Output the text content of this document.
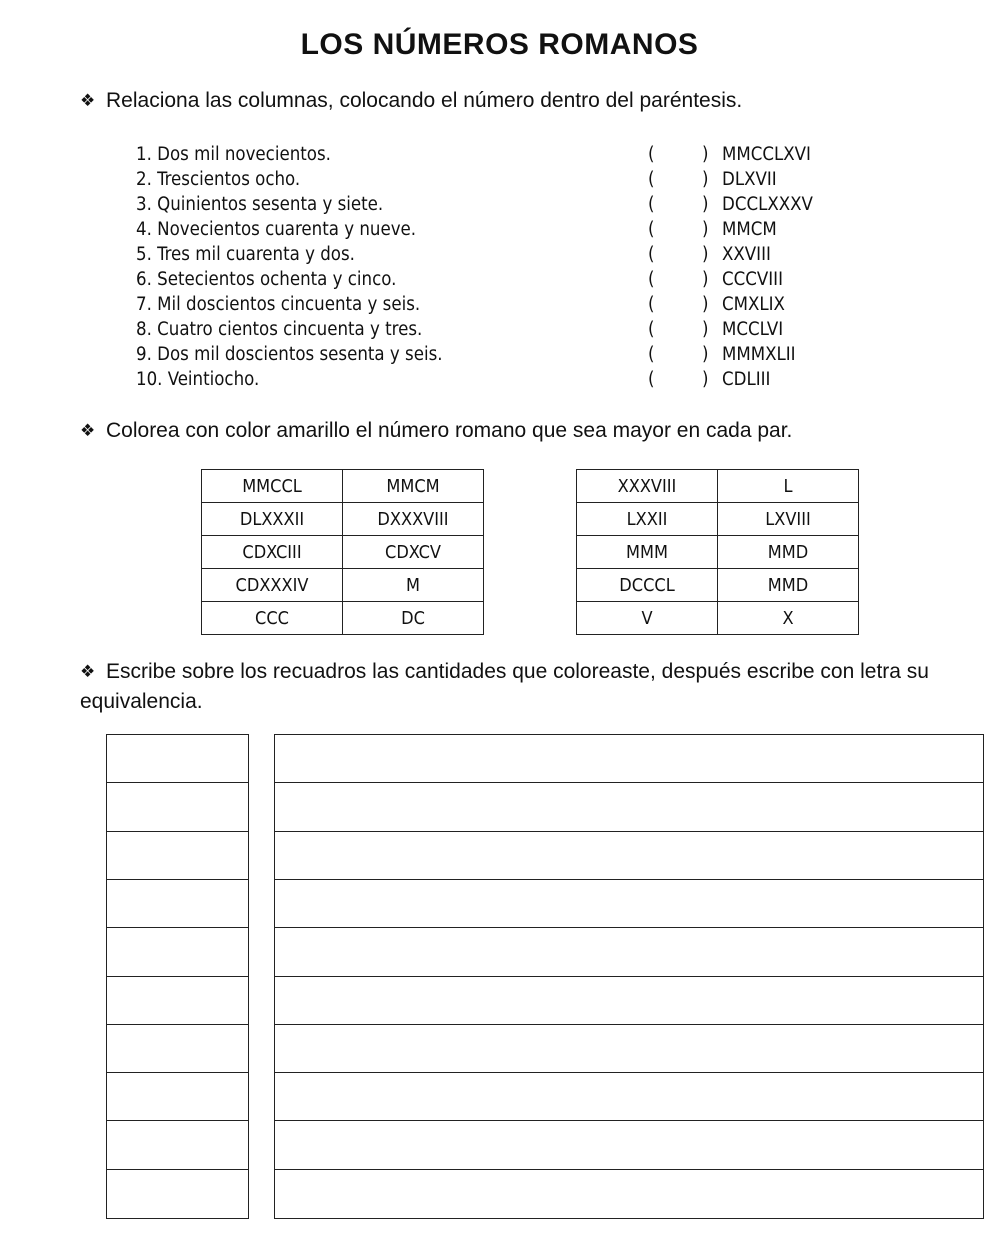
LOS NÚMEROS ROMANOS
❖ Relaciona las columnas, colocando el número dentro del paréntesis.
1. Dos mil novecientos.	(	) MMCCLXVI
2. Trescientos ocho.	(	) DLXVII
3. Quinientos sesenta y siete.	(	) DCCLXXXV
4. Novecientos cuarenta y nueve.	(	) MMCM
5. Tres mil cuarenta y dos.	(	) XXVIII
6. Setecientos ochenta y cinco.	(	) CCCVIII
7. Mil doscientos cincuenta y seis.	(	) CMXLIX
8. Cuatro cientos cincuenta y tres.	(	) MCCLVI
9. Dos mil doscientos sesenta y seis.	(	) MMMXLII
10. Veintiocho.	(	) CDLIII
❖ Colorea con color amarillo el número romano que sea mayor en cada par.
MMCCL	MMCM
DLXXXII	DXXXVIII
CDXCIII	CDXCV
CDXXXIV	M
CCC	DC
XXXVIII	L
LXXII	LXVIII
MMM	MMD
DCCCL	MMD
V	X
❖ Escribe sobre los recuadros las cantidades que coloreaste, después escribe con letra su equivalencia.
